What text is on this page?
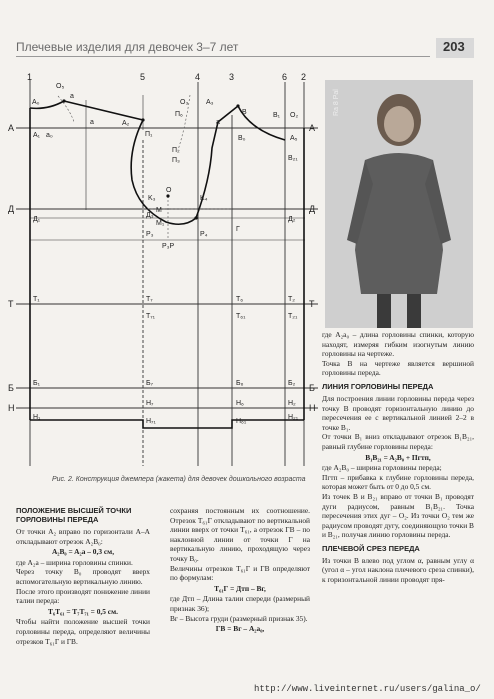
Плечевые изделия для девочек 3–7 лет	203
1	5	4	3	6 2
А
Д
Т
Б
Н
А
Д
Т
Б
Н
O₅
A₀
A₁ a₀
a
a	A₂
П₁
П₂
П₃
П₆
O₃	A₃
a
B
B₀
B₁ O₂
A₅
B₂₁
K₃
O
K₄
Д₁
Д₃
M
M₁
Д₂
P₃
P₃P
P₄
Г
T₁	T₇
T₇₁
T₆
T₆₁
T₂
T₂₁
Б₁	Б₇	Б₆	Б₂
H₁
H₇
H₇₁
H₆
H₆₁
H₂
H₂₁
Ra 8 Pal
Рис. 2. Конструкция джемпера (жакета) для девочек дошкольного возраста
ПОЛОЖЕНИЕ ВЫСШЕЙ ТОЧКИ ГОРЛОВИНЫ ПЕРЕДА

От точки A₂ вправо по горизонтали A–A откладывают отрезок A₂B₀:

A₂B₀ = A₂a – 0,3 см,

где A₂a – ширина горловины спинки.

Через точку B₀ проводят вверх вспомогательную вертикальную линию.

После этого производят понижение линии талии переда:

T₆T₆₁ = T₇T₇₁ = 0,5 см.

Чтобы найти положение высшей точки горловины переда, определяют величины отрезков T₆₁Г и ГВ.

сохраняя постоянным их соотношение. Отрезок T₆₁Г откладывают по вертикальной линии вверх от точки T₆₁, а отрезок ГВ – по наклонной линии от точки Г на вертикальную линию, проходящую через точку B₀.

Величины отрезков T₆₁Г и ГВ определяют по формулам:

T₆₁Г = Дтп – Вг,

где Дтп – Длина талии спереди (размерный признак 36);

Вг – Высота груди (размерный признак 35).

ГВ = Вг – A₂a₀,

где A₂a₀ – длина горловины спинки, которую находят, измеряя гибким изогнутым линию горловины на чертеже.

Точка В на чертеже является вершиной горловины переда.

ЛИНИЯ ГОРЛОВИНЫ ПЕРЕДА

Для построения линии горловины переда через точку В проводят горизонтальную линию до пересечения ее с вертикальной линией 2–2 в точке B₁.

От точки B₁ вниз откладывают отрезок B₁B₂₁, равный глубине горловины переда:

B₁B₂₁ = A₂B₀ + Пгтп,

где A₂B₀ – ширина горловины переда;

Пгтп – прибавка к глубине горловины переда, которая может быть от 0 до 0,5 см.

Из точек В и B₂₁ вправо от точки B₁ проводят дуги радиусом, равным B₁B₂₁. Точка пересечения этих дуг – O₂. Из точки O₂ тем же радиусом проводят дугу, соединяющую точки В и B₂₁, получая линию горловины переда.

ПЛЕЧЕВОЙ СРЕЗ ПЕРЕДА

Из точки В влево под углом α, равным углу α (угол α – угол наклона плечевого среза спинки), к горизонтальной линии проводят пря-

http://www.liveinternet.ru/users/galina_o/
